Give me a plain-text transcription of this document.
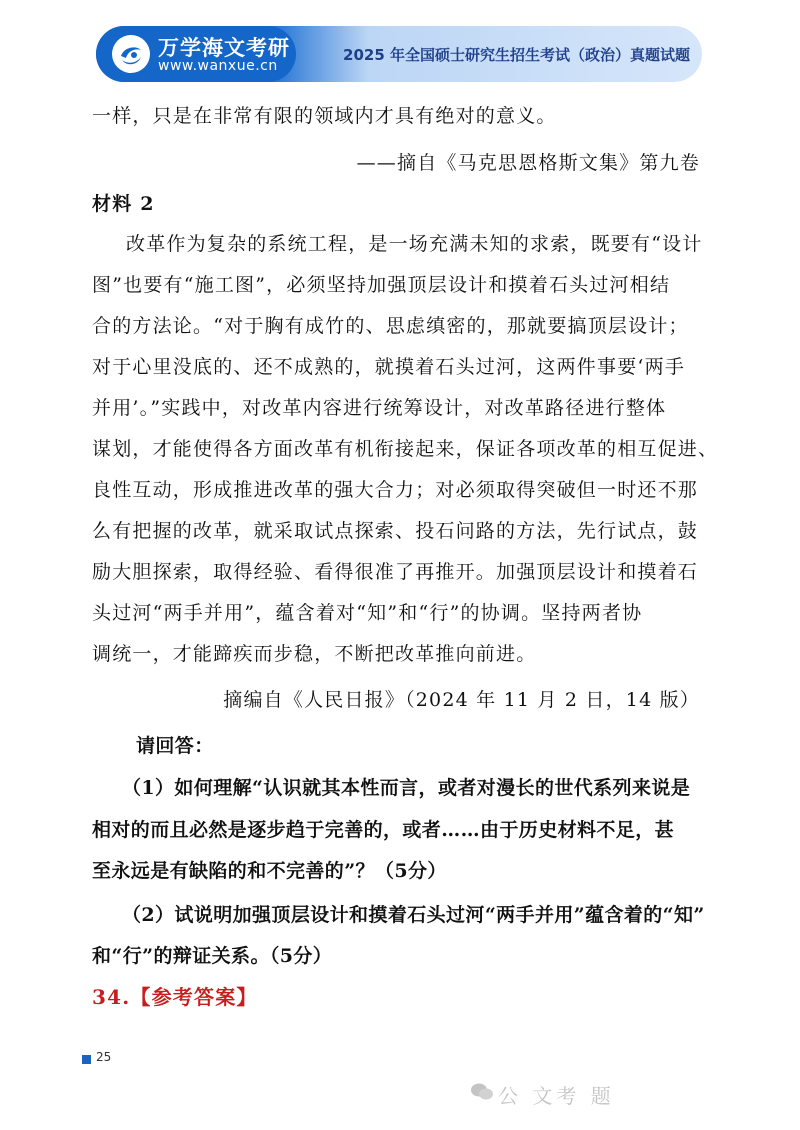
万学海文考研
www.wanxue.cn
2025 年全国硕士研究生招生考试（政治）真题试题
一样，只是在非常有限的领域内才具有绝对的意义。
——摘自《马克思恩格斯文集》第九卷
材料 2
改革作为复杂的系统工程，是一场充满未知的求索，既要有“设计
图”也要有“施工图”，必须坚持加强顶层设计和摸着石头过河相结
合的方法论。“对于胸有成竹的、思虑缜密的，那就要搞顶层设计；
对于心里没底的、还不成熟的，就摸着石头过河，这两件事要‘两手
并用’。”实践中，对改革内容进行统筹设计，对改革路径进行整体
谋划，才能使得各方面改革有机衔接起来，保证各项改革的相互促进、
良性互动，形成推进改革的强大合力；对必须取得突破但一时还不那
么有把握的改革，就采取试点探索、投石问路的方法，先行试点，鼓
励大胆探索，取得经验、看得很准了再推开。加强顶层设计和摸着石
头过河“两手并用”，蕴含着对“知”和“行”的协调。坚持两者协
调统一，才能蹄疾而步稳，不断把改革推向前进。
摘编自《人民日报》（2024 年 11 月 2 日，14 版）
请回答：
（1）如何理解“认识就其本性而言，或者对漫长的世代系列来说是
相对的而且必然是逐步趋于完善的，或者……由于历史材料不足，甚
至永远是有缺陷的和不完善的”？（5分）
（2）试说明加强顶层设计和摸着石头过河“两手并用”蕴含着的“知”
和“行”的辩证关系。（5分）
34.【参考答案】
25
公 文考 题
